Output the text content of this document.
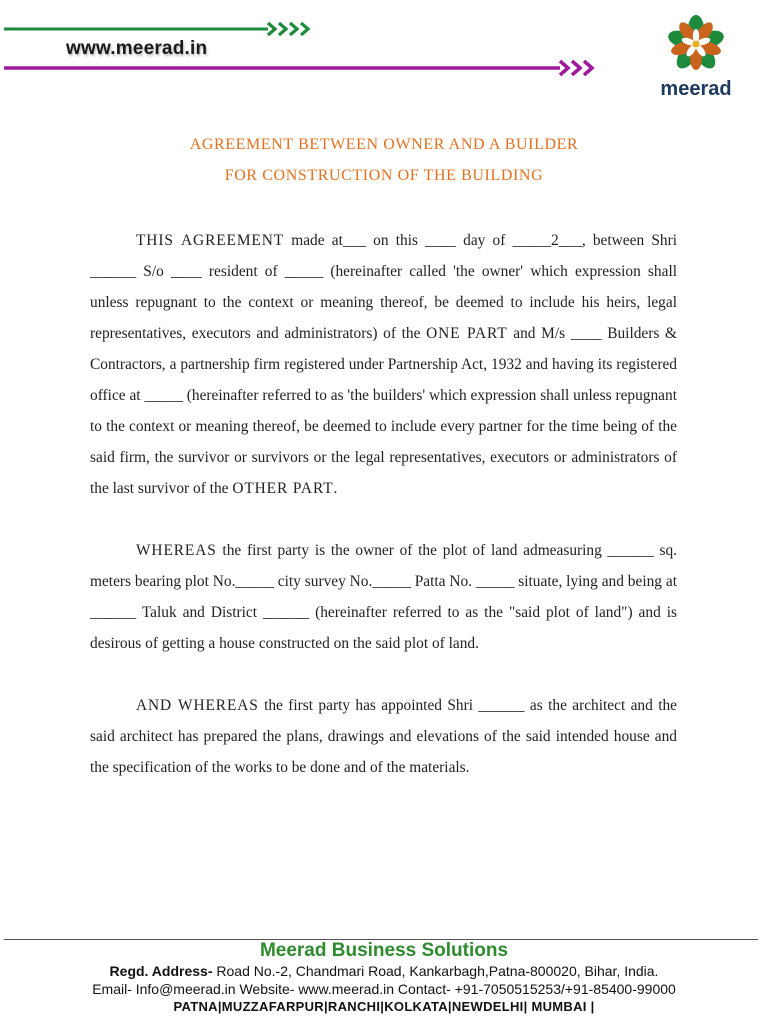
www.meerad.in
meerad
AGREEMENT BETWEEN OWNER AND A BUILDER
FOR CONSTRUCTION OF THE BUILDING

THIS AGREEMENT made at___ on this ____ day of _____2___, between Shri ______ S/o ____ resident of _____ (hereinafter called 'the owner' which expression shall unless repugnant to the context or meaning thereof, be deemed to include his heirs, legal representatives, executors and administrators) of the ONE PART and M/s ____ Builders & Contractors, a partnership firm registered under Partnership Act, 1932 and having its registered office at _____ (hereinafter referred to as 'the builders' which expression shall unless repugnant to the context or meaning thereof, be deemed to include every partner for the time being of the said firm, the survivor or survivors or the legal representatives, executors or administrators of the last survivor of the OTHER PART.

WHEREAS the first party is the owner of the plot of land admeasuring ______ sq. meters bearing plot No._____ city survey No._____ Patta No. _____ situate, lying and being at ______ Taluk and District ______ (hereinafter referred to as the "said plot of land") and is desirous of getting a house constructed on the said plot of land.

AND WHEREAS the first party has appointed Shri ______ as the architect and the said architect has prepared the plans, drawings and elevations of the said intended house and the specification of the works to be done and of the materials.

Meerad Business Solutions
Regd. Address- Road No.-2, Chandmari Road, Kankarbagh,Patna-800020, Bihar, India.
Email- Info@meerad.in Website- www.meerad.in Contact- +91-7050515253/+91-85400-99000
PATNA|MUZZAFARPUR|RANCHI|KOLKATA|NEWDELHI| MUMBAI |
